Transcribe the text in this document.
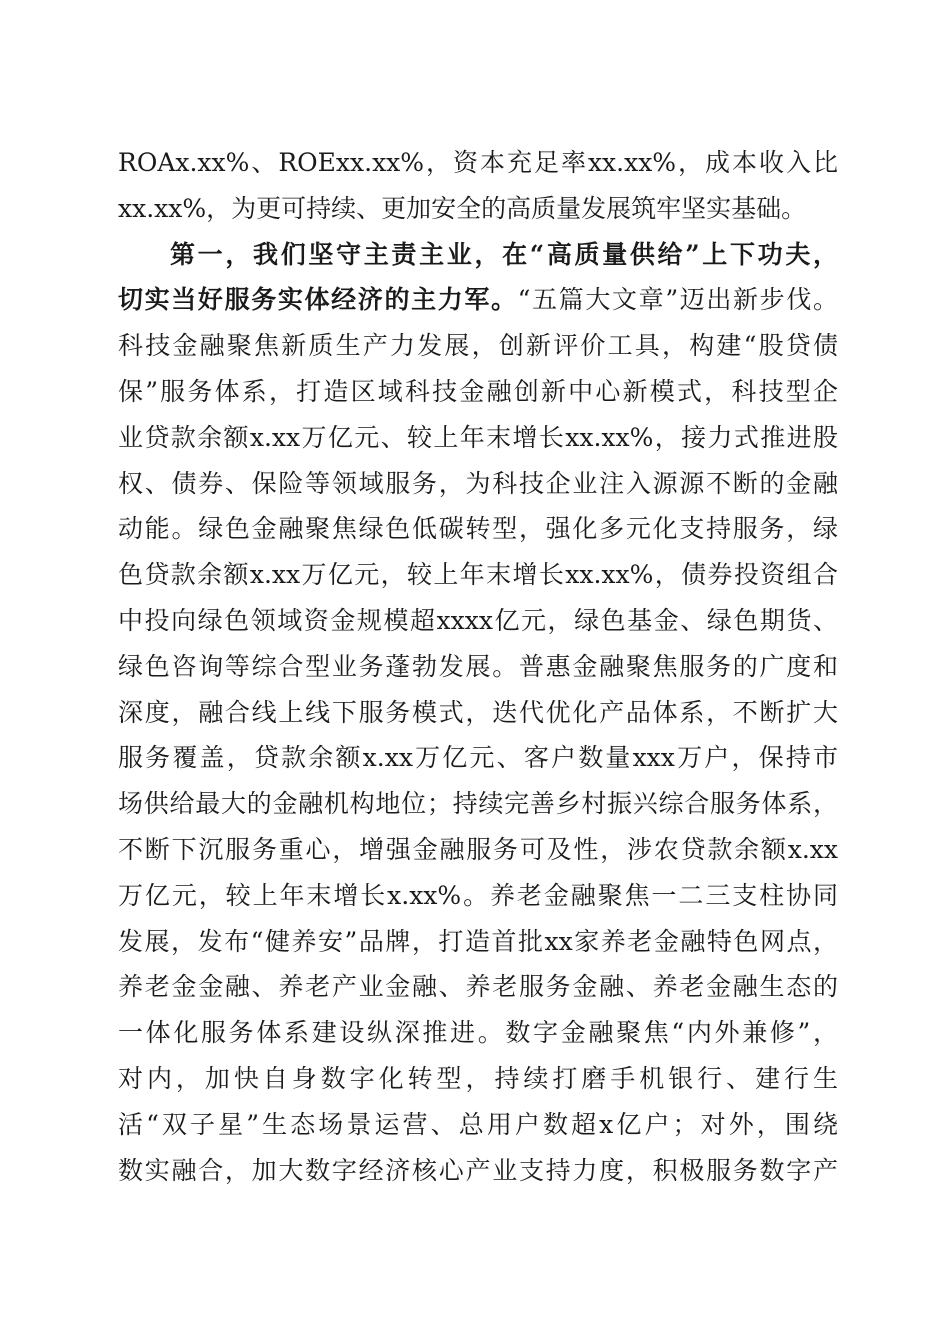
ROAx.xx%、ROExx.xx%，资本充足率xx.xx%，成本收入比
xx.xx%，为更可持续、更加安全的高质量发展筑牢坚实基础。
第一，我们坚守主责主业，在“高质量供给”上下功夫，
切实当好服务实体经济的主力军。“五篇大文章”迈出新步伐。
科技金融聚焦新质生产力发展，创新评价工具，构建“股贷债
保”服务体系，打造区域科技金融创新中心新模式，科技型企
业贷款余额x.xx万亿元、较上年末增长xx.xx%，接力式推进股
权、债券、保险等领域服务，为科技企业注入源源不断的金融
动能。绿色金融聚焦绿色低碳转型，强化多元化支持服务，绿
色贷款余额x.xx万亿元，较上年末增长xx.xx%，债券投资组合
中投向绿色领域资金规模超xxxx亿元，绿色基金、绿色期货、
绿色咨询等综合型业务蓬勃发展。普惠金融聚焦服务的广度和
深度，融合线上线下服务模式，迭代优化产品体系，不断扩大
服务覆盖，贷款余额x.xx万亿元、客户数量xxx万户，保持市
场供给最大的金融机构地位；持续完善乡村振兴综合服务体系，
不断下沉服务重心，增强金融服务可及性，涉农贷款余额x.xx
万亿元，较上年末增长x.xx%。养老金融聚焦一二三支柱协同
发展，发布“健养安”品牌，打造首批xx家养老金融特色网点，
养老金金融、养老产业金融、养老服务金融、养老金融生态的
一体化服务体系建设纵深推进。数字金融聚焦“内外兼修”，
对内，加快自身数字化转型，持续打磨手机银行、建行生
活“双子星”生态场景运营、总用户数超x亿户；对外，围绕
数实融合，加大数字经济核心产业支持力度，积极服务数字产
